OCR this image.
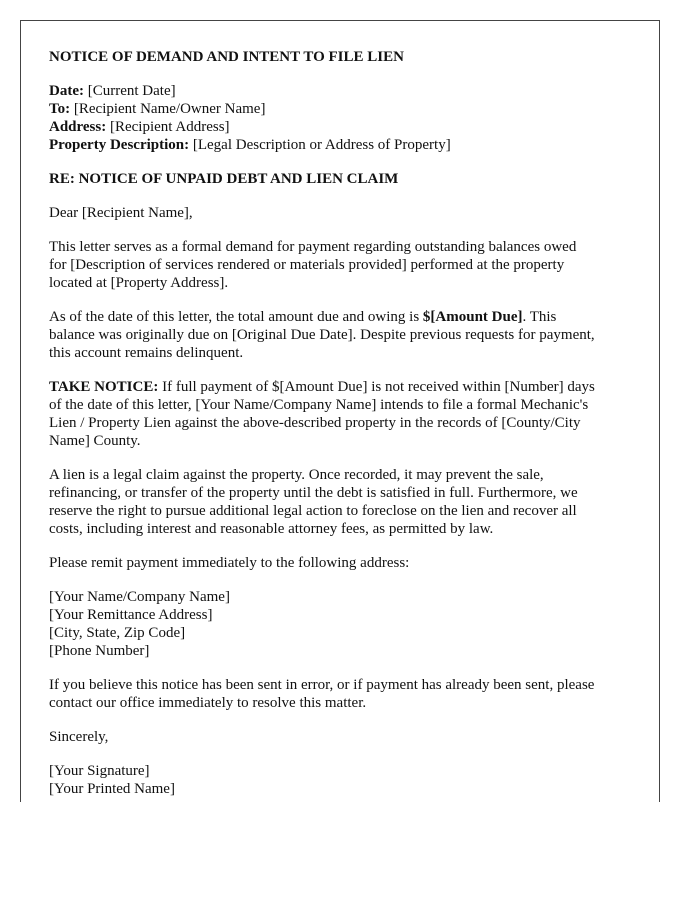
NOTICE OF DEMAND AND INTENT TO FILE LIEN
Date: [Current Date]
To: [Recipient Name/Owner Name]
Address: [Recipient Address]
Property Description: [Legal Description or Address of Property]
RE: NOTICE OF UNPAID DEBT AND LIEN CLAIM
Dear [Recipient Name],
This letter serves as a formal demand for payment regarding outstanding balances owed
for [Description of services rendered or materials provided] performed at the property
located at [Property Address].
As of the date of this letter, the total amount due and owing is $[Amount Due]. This
balance was originally due on [Original Due Date]. Despite previous requests for payment,
this account remains delinquent.
TAKE NOTICE: If full payment of $[Amount Due] is not received within [Number] days
of the date of this letter, [Your Name/Company Name] intends to file a formal Mechanic's
Lien / Property Lien against the above-described property in the records of [County/City
Name] County.
A lien is a legal claim against the property. Once recorded, it may prevent the sale,
refinancing, or transfer of the property until the debt is satisfied in full. Furthermore, we
reserve the right to pursue additional legal action to foreclose on the lien and recover all
costs, including interest and reasonable attorney fees, as permitted by law.
Please remit payment immediately to the following address:
[Your Name/Company Name]
[Your Remittance Address]
[City, State, Zip Code]
[Phone Number]
If you believe this notice has been sent in error, or if payment has already been sent, please
contact our office immediately to resolve this matter.
Sincerely,
[Your Signature]
[Your Printed Name]
